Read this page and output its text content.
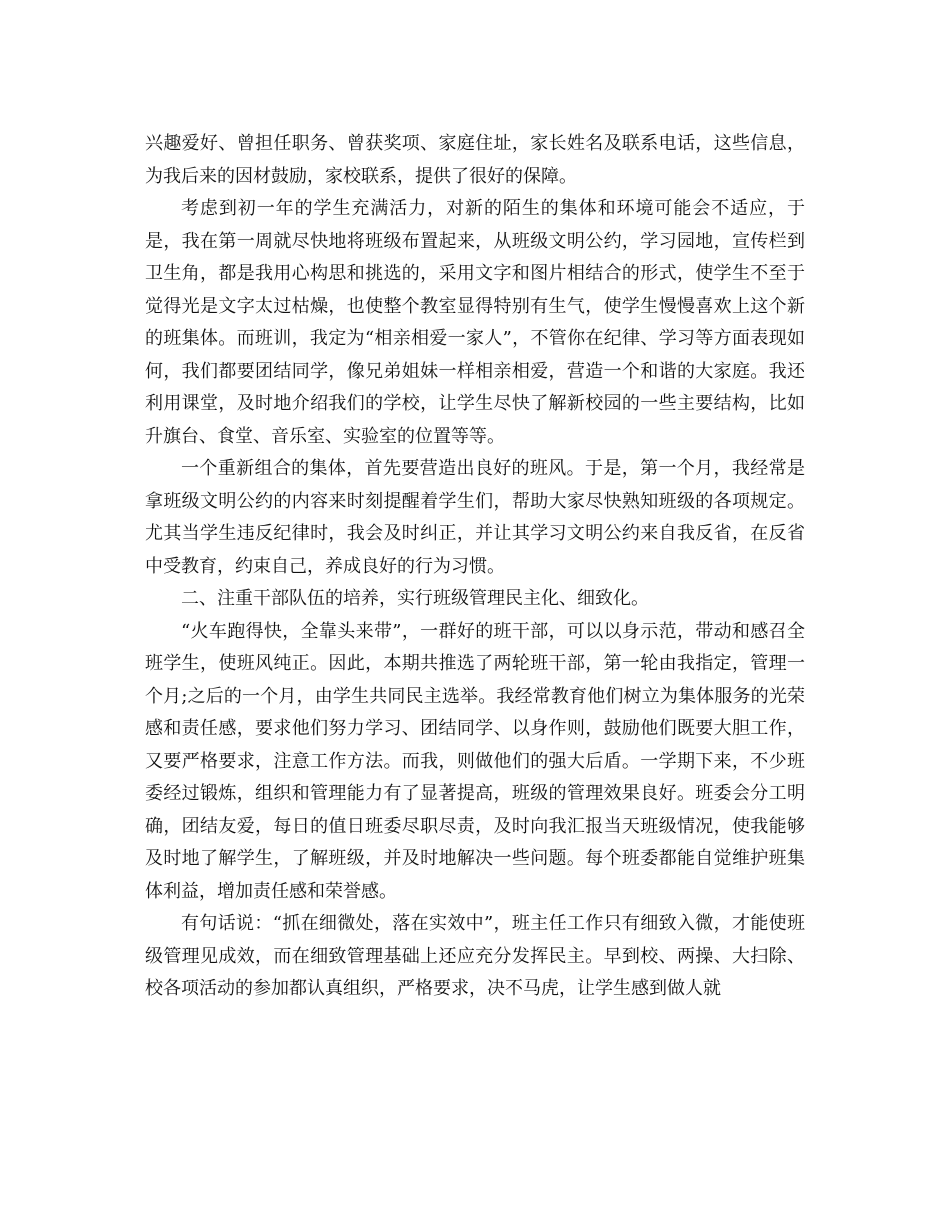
兴趣爱好、曾担任职务、曾获奖项、家庭住址，家长姓名及联系电话，这些信息，为我后来的因材鼓励，家校联系，提供了很好的保障。

考虑到初一年的学生充满活力，对新的陌生的集体和环境可能会不适应，于是，我在第一周就尽快地将班级布置起来，从班级文明公约，学习园地，宣传栏到卫生角，都是我用心构思和挑选的，采用文字和图片相结合的形式，使学生不至于觉得光是文字太过枯燥，也使整个教室显得特别有生气，使学生慢慢喜欢上这个新的班集体。而班训，我定为“相亲相爱一家人”，不管你在纪律、学习等方面表现如何，我们都要团结同学，像兄弟姐妹一样相亲相爱，营造一个和谐的大家庭。我还利用课堂，及时地介绍我们的学校，让学生尽快了解新校园的一些主要结构，比如升旗台、食堂、音乐室、实验室的位置等等。

一个重新组合的集体，首先要营造出良好的班风。于是，第一个月，我经常是拿班级文明公约的内容来时刻提醒着学生们，帮助大家尽快熟知班级的各项规定。尤其当学生违反纪律时，我会及时纠正，并让其学习文明公约来自我反省，在反省中受教育，约束自己，养成良好的行为习惯。

二、注重干部队伍的培养，实行班级管理民主化、细致化。

“火车跑得快，全靠头来带”，一群好的班干部，可以以身示范，带动和感召全班学生，使班风纯正。因此，本期共推选了两轮班干部，第一轮由我指定，管理一个月;之后的一个月，由学生共同民主选举。我经常教育他们树立为集体服务的光荣感和责任感，要求他们努力学习、团结同学、以身作则，鼓励他们既要大胆工作，又要严格要求，注意工作方法。而我，则做他们的强大后盾。一学期下来，不少班委经过锻炼，组织和管理能力有了显著提高，班级的管理效果良好。班委会分工明确，团结友爱，每日的值日班委尽职尽责，及时向我汇报当天班级情况，使我能够及时地了解学生，了解班级，并及时地解决一些问题。每个班委都能自觉维护班集体利益，增加责任感和荣誉感。

有句话说：“抓在细微处，落在实效中”，班主任工作只有细致入微，才能使班级管理见成效，而在细致管理基础上还应充分发挥民主。早到校、两操、大扫除、校各项活动的参加都认真组织，严格要求，决不马虎，让学生感到做人就
